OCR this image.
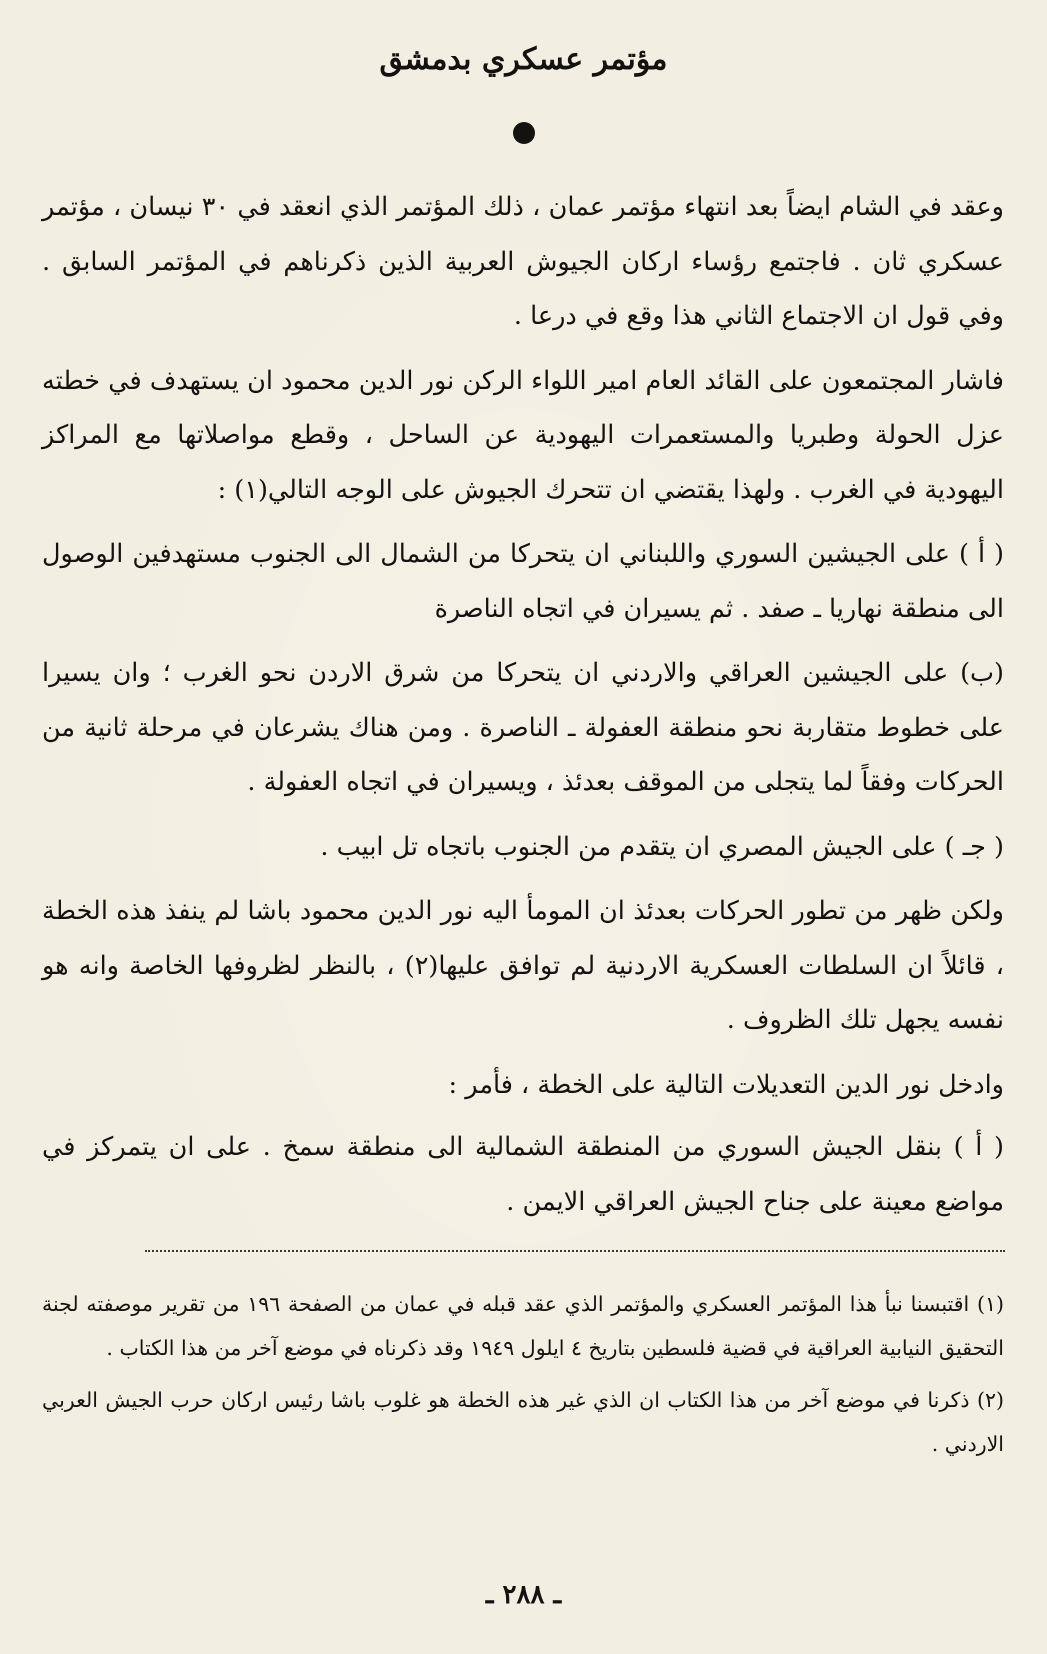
مؤتمر عسكري بدمشق

وعقد في الشام ايضاً بعد انتهاء مؤتمر عمان ، ذلك المؤتمر الذي انعقد في ٣٠ نيسان ، مؤتمر عسكري ثان . فاجتمع رؤساء اركان الجيوش العربية الذين ذكرناهم في المؤتمر السابق . وفي قول ان الاجتماع الثاني هذا وقع في درعا .

فاشار المجتمعون على القائد العام امير اللواء الركن نور الدين محمود ان يستهدف في خطته عزل الحولة وطبريا والمستعمرات اليهودية عن الساحل ، وقطع مواصلاتها مع المراكز اليهودية في الغرب . ولهذا يقتضي ان تتحرك الجيوش على الوجه التالي(١) :

( أ ) على الجيشين السوري واللبناني ان يتحركا من الشمال الى الجنوب مستهدفين الوصول الى منطقة نهاريا ـ صفد . ثم يسيران في اتجاه الناصرة

(ب) على الجيشين العراقي والاردني ان يتحركا من شرق الاردن نحو الغرب ؛ وان يسيرا على خطوط متقاربة نحو منطقة العفولة ـ الناصرة . ومن هناك يشرعان في مرحلة ثانية من الحركات وفقاً لما يتجلى من الموقف بعدئذ ، ويسيران في اتجاه العفولة .

( جـ ) على الجيش المصري ان يتقدم من الجنوب باتجاه تل ابيب .

ولكن ظهر من تطور الحركات بعدئذ ان المومأ اليه نور الدين محمود باشا لم ينفذ هذه الخطة ، قائلاً ان السلطات العسكرية الاردنية لم توافق عليها(٢) ، بالنظر لظروفها الخاصة وانه هو نفسه يجهل تلك الظروف .

وادخل نور الدين التعديلات التالية على الخطة ، فأمر :

( أ ) بنقل الجيش السوري من المنطقة الشمالية الى منطقة سمخ . على ان يتمركز في مواضع معينة على جناح الجيش العراقي الايمن .

(١) اقتبسنا نبأ هذا المؤتمر العسكري والمؤتمر الذي عقد قبله في عمان من الصفحة ١٩٦ من تقرير موصفته لجنة التحقيق النيابية العراقية في قضية فلسطين بتاريخ ٤ ايلول ١٩٤٩ وقد ذكرناه في موضع آخر من هذا الكتاب .

(٢) ذكرنا في موضع آخر من هذا الكتاب ان الذي غير هذه الخطة هو غلوب باشا رئيس اركان حرب الجيش العربي الاردني .

ـ ٢٨٨ ـ
